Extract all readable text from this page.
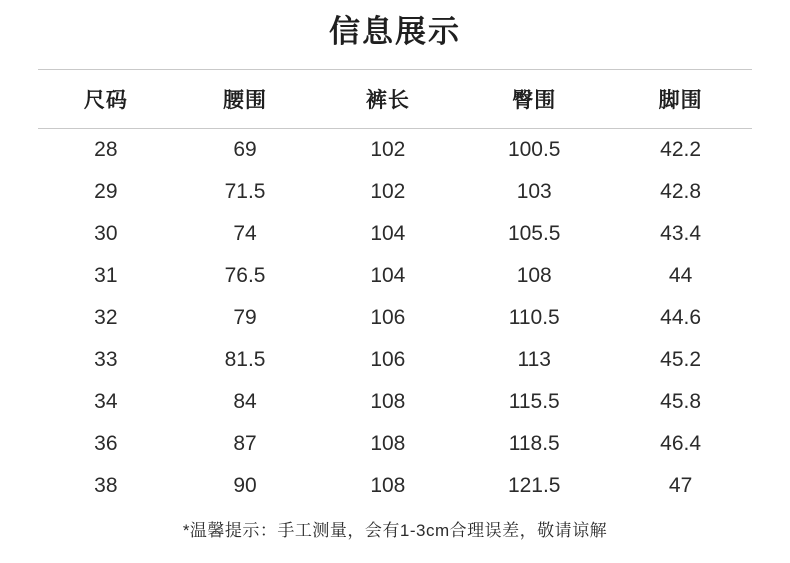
信息展示
尺码	腰围	裤长	臀围	脚围
28	69	102	100.5	42.2
29	71.5	102	103	42.8
30	74	104	105.5	43.4
31	76.5	104	108	44
32	79	106	110.5	44.6
33	81.5	106	113	45.2
34	84	108	115.5	45.8
36	87	108	118.5	46.4
38	90	108	121.5	47
*温馨提示：手工测量，会有1-3cm合理误差，敬请谅解
